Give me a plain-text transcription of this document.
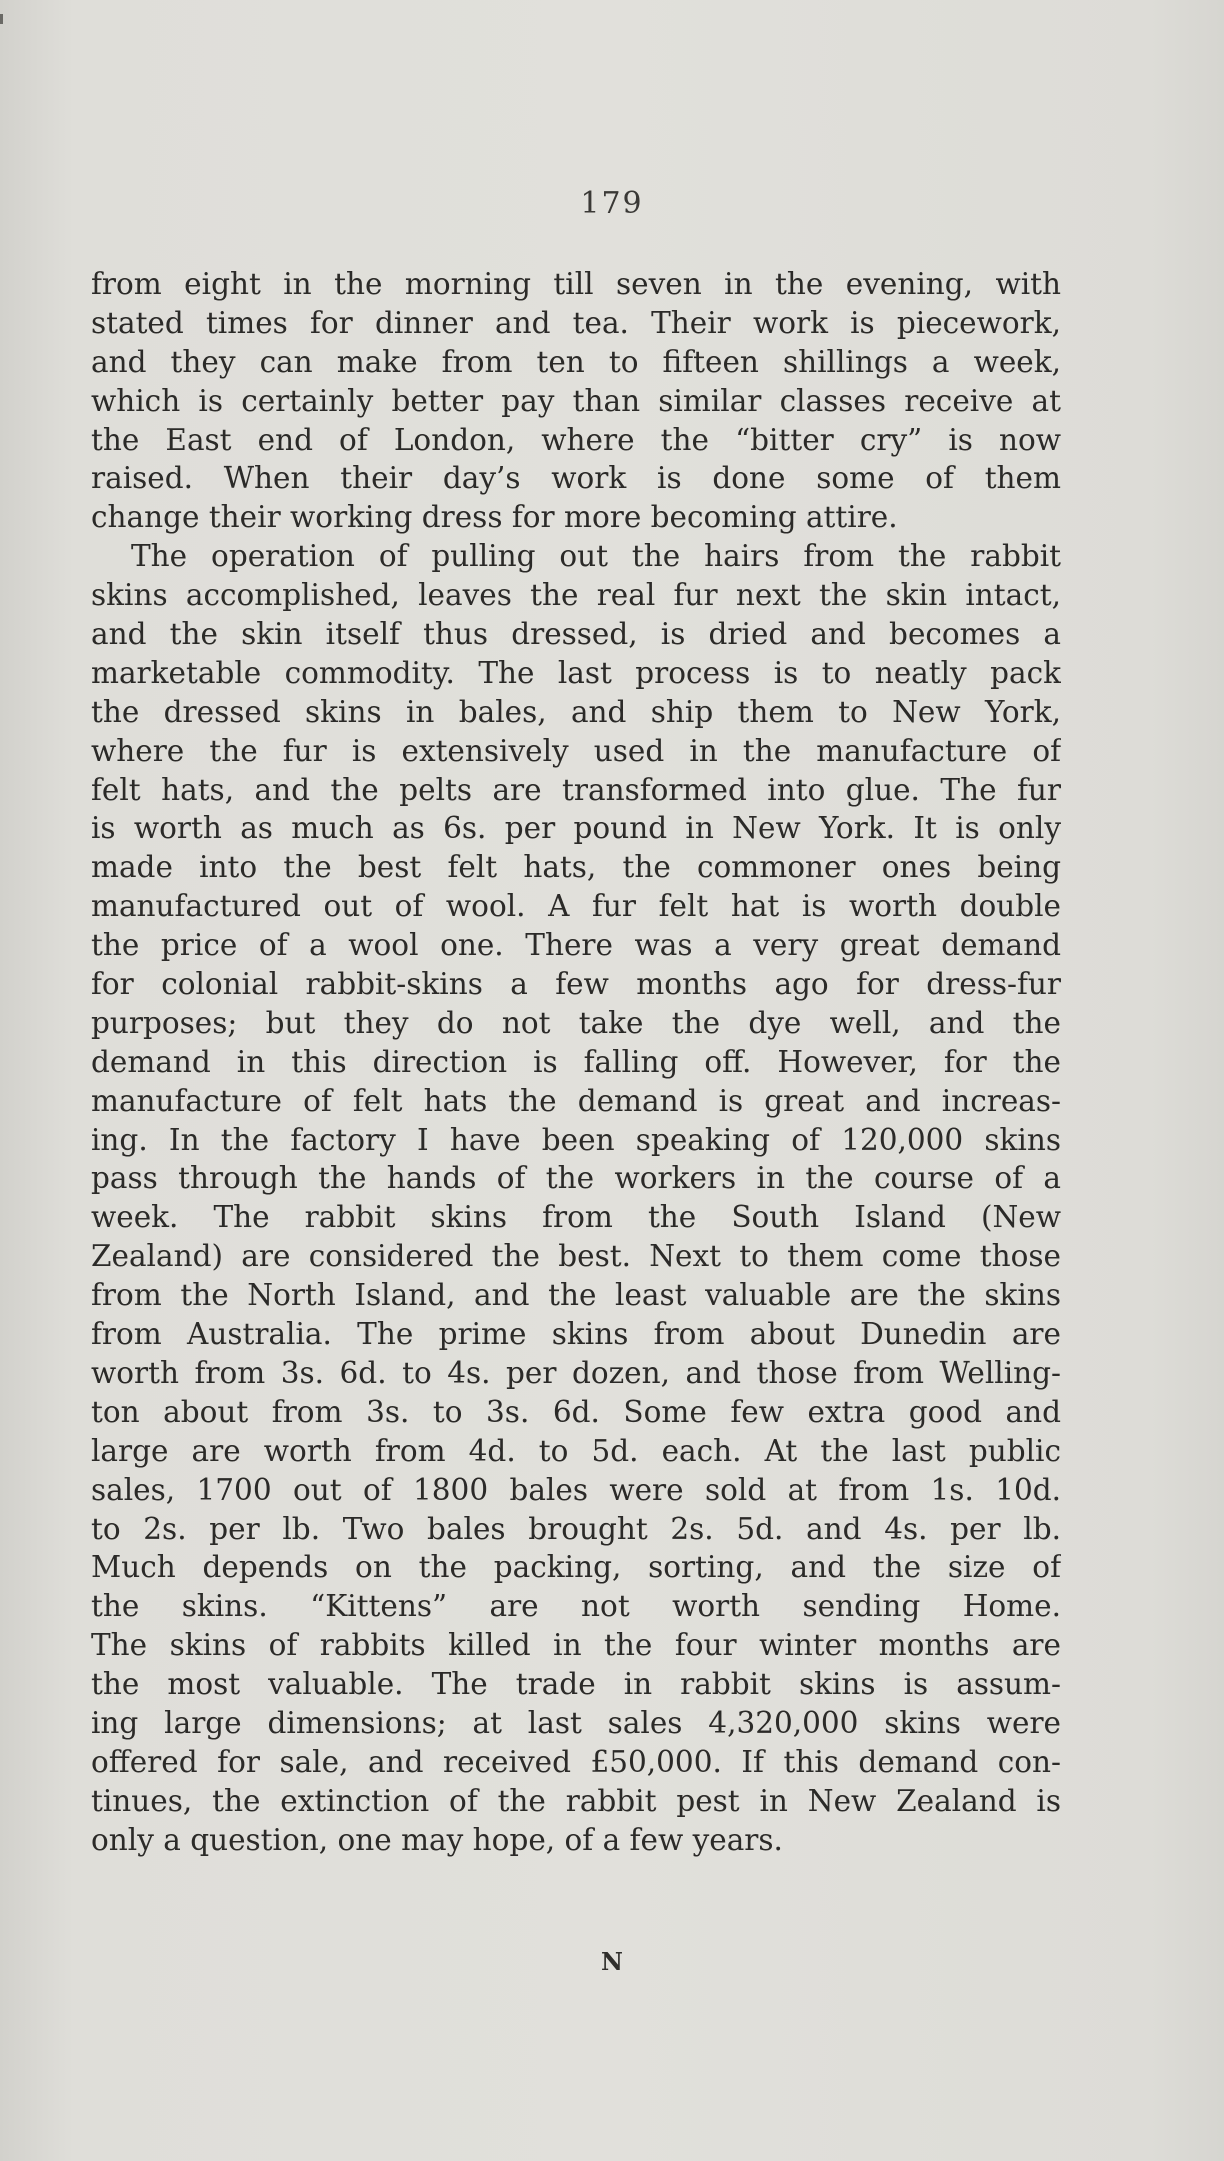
179
from eight in the morning till seven in the evening, with
stated times for dinner and tea. Their work is piecework,
and they can make from ten to fifteen shillings a week,
which is certainly better pay than similar classes receive at
the East end of London, where the “bitter cry” is now
raised. When their day’s work is done some of them
change their working dress for more becoming attire.
The operation of pulling out the hairs from the rabbit
skins accomplished, leaves the real fur next the skin intact,
and the skin itself thus dressed, is dried and becomes a
marketable commodity. The last process is to neatly pack
the dressed skins in bales, and ship them to New York,
where the fur is extensively used in the manufacture of
felt hats, and the pelts are transformed into glue. The fur
is worth as much as 6s. per pound in New York. It is only
made into the best felt hats, the commoner ones being
manufactured out of wool. A fur felt hat is worth double
the price of a wool one. There was a very great demand
for colonial rabbit-skins a few months ago for dress-fur
purposes; but they do not take the dye well, and the
demand in this direction is falling off. However, for the
manufacture of felt hats the demand is great and increas-
ing. In the factory I have been speaking of 120,000 skins
pass through the hands of the workers in the course of a
week. The rabbit skins from the South Island (New
Zealand) are considered the best. Next to them come those
from the North Island, and the least valuable are the skins
from Australia. The prime skins from about Dunedin are
worth from 3s. 6d. to 4s. per dozen, and those from Welling-
ton about from 3s. to 3s. 6d. Some few extra good and
large are worth from 4d. to 5d. each. At the last public
sales, 1700 out of 1800 bales were sold at from 1s. 10d.
to 2s. per lb. Two bales brought 2s. 5d. and 4s. per lb.
Much depends on the packing, sorting, and the size of
the skins. “Kittens” are not worth sending Home.
The skins of rabbits killed in the four winter months are
the most valuable. The trade in rabbit skins is assum-
ing large dimensions; at last sales 4,320,000 skins were
offered for sale, and received £50,000. If this demand con-
tinues, the extinction of the rabbit pest in New Zealand is
only a question, one may hope, of a few years.
N
